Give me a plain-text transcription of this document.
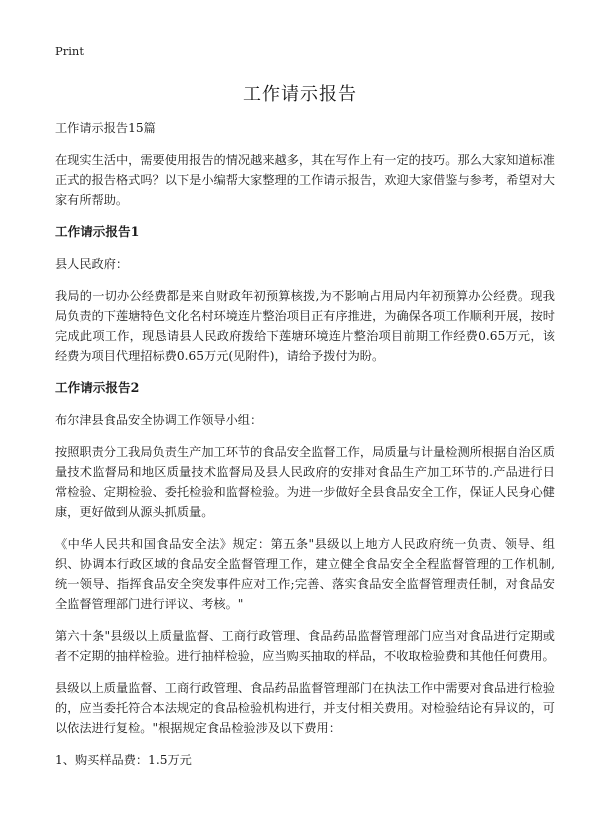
Print
工作请示报告

工作请示报告15篇

在现实生活中，需要使用报告的情况越来越多，其在写作上有一定的技巧。那么大家知道标准正式的报告格式吗？以下是小编帮大家整理的工作请示报告，欢迎大家借鉴与参考，希望对大家有所帮助。

工作请示报告1

县人民政府：

我局的一切办公经费都是来自财政年初预算核拨,为不影响占用局内年初预算办公经费。现我局负责的下莲塘特色文化名村环境连片整治项目正有序推进，为确保各项工作顺利开展，按时完成此项工作，现恳请县人民政府拨给下莲塘环境连片整治项目前期工作经费0.65万元，该经费为项目代理招标费0.65万元(见附件)，请给予拨付为盼。

工作请示报告2

布尔津县食品安全协调工作领导小组：

按照职责分工我局负责生产加工环节的食品安全监督工作，局质量与计量检测所根据自治区质量技术监督局和地区质量技术监督局及县人民政府的安排对食品生产加工环节的.产品进行日常检验、定期检验、委托检验和监督检验。为进一步做好全县食品安全工作，保证人民身心健康，更好做到从源头抓质量。

《中华人民共和国食品安全法》规定：第五条"县级以上地方人民政府统一负责、领导、组织、协调本行政区域的食品安全监督管理工作，建立健全食品安全全程监督管理的工作机制,统一领导、指挥食品安全突发事件应对工作;完善、落实食品安全监督管理责任制，对食品安全监督管理部门进行评议、考核。"

第六十条"县级以上质量监督、工商行政管理、食品药品监督管理部门应当对食品进行定期或者不定期的抽样检验。进行抽样检验，应当购买抽取的样品，不收取检验费和其他任何费用。

县级以上质量监督、工商行政管理、食品药品监督管理部门在执法工作中需要对食品进行检验的，应当委托符合本法规定的食品检验机构进行，并支付相关费用。对检验结论有异议的，可以依法进行复检。"根据规定食品检验涉及以下费用：

1、购买样品费：1.5万元
